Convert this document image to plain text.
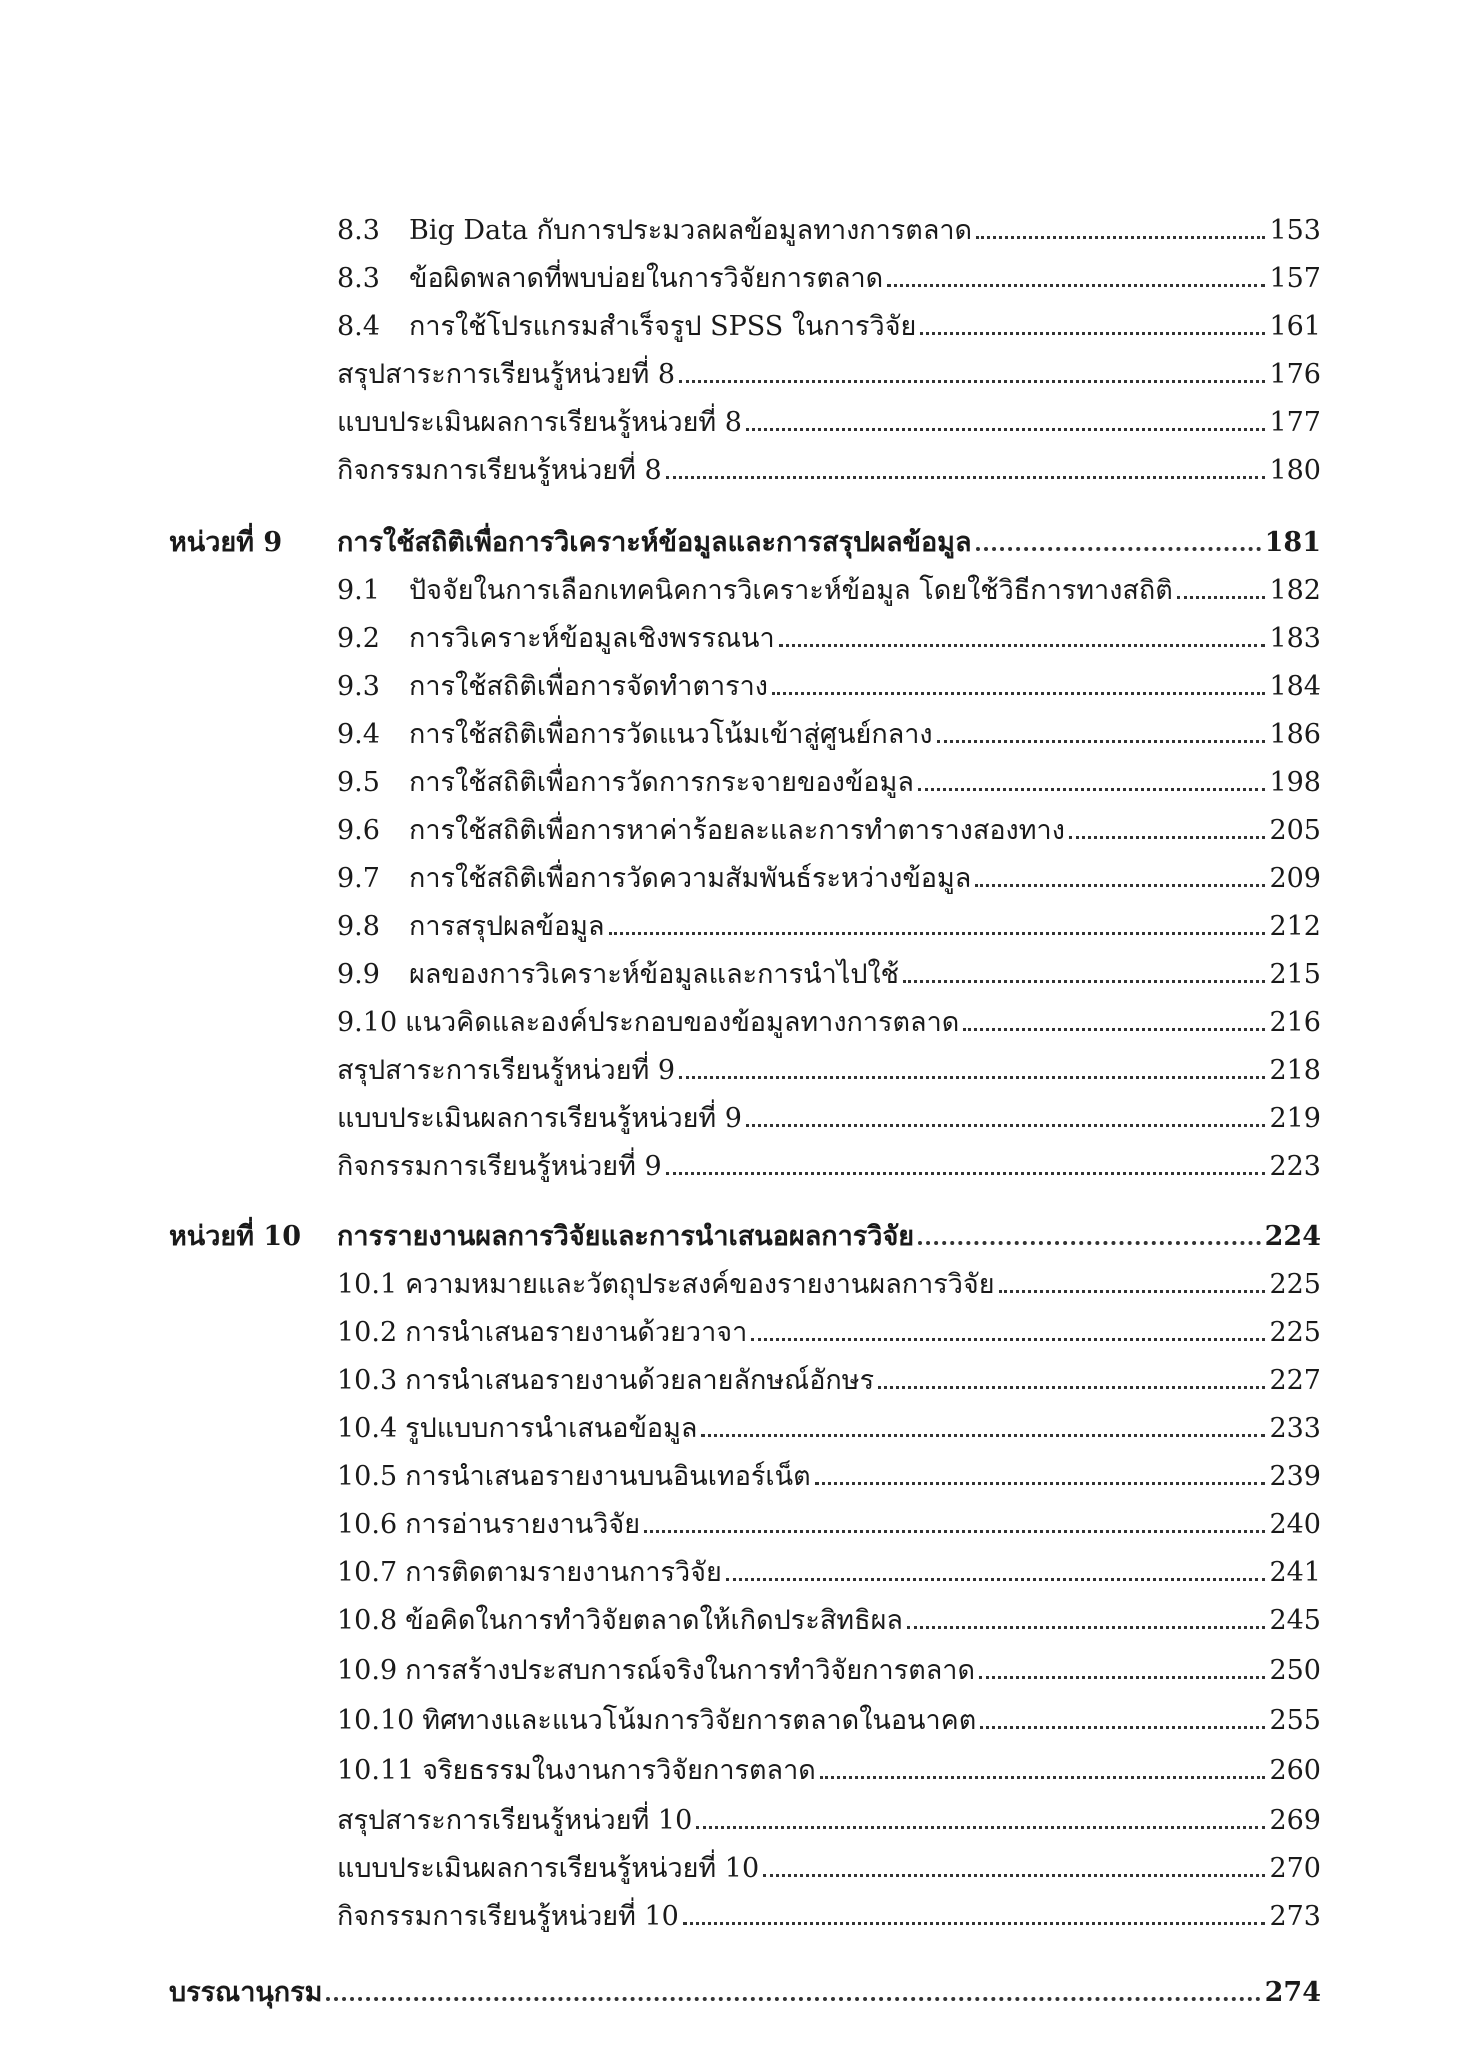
8.3	Big Data กับการประมวลผลข้อมูลทางการตลาด	153
8.3	ข้อผิดพลาดที่พบบ่อยในการวิจัยการตลาด	157
8.4	การใช้โปรแกรมสำเร็จรูป SPSS ในการวิจัย	161
สรุปสาระการเรียนรู้หน่วยที่ 8	176
แบบประเมินผลการเรียนรู้หน่วยที่ 8	177
กิจกรรมการเรียนรู้หน่วยที่ 8	180
หน่วยที่ 9	การใช้สถิติเพื่อการวิเคราะห์ข้อมูลและการสรุปผลข้อมูล	181
9.1	ปัจจัยในการเลือกเทคนิคการวิเคราะห์ข้อมูล โดยใช้วิธีการทางสถิติ	182
9.2	การวิเคราะห์ข้อมูลเชิงพรรณนา	183
9.3	การใช้สถิติเพื่อการจัดทำตาราง	184
9.4	การใช้สถิติเพื่อการวัดแนวโน้มเข้าสู่ศูนย์กลาง	186
9.5	การใช้สถิติเพื่อการวัดการกระจายของข้อมูล	198
9.6	การใช้สถิติเพื่อการหาค่าร้อยละและการทำตารางสองทาง	205
9.7	การใช้สถิติเพื่อการวัดความสัมพันธ์ระหว่างข้อมูล	209
9.8	การสรุปผลข้อมูล	212
9.9	ผลของการวิเคราะห์ข้อมูลและการนำไปใช้	215
9.10 แนวคิดและองค์ประกอบของข้อมูลทางการตลาด	216
สรุปสาระการเรียนรู้หน่วยที่ 9	218
แบบประเมินผลการเรียนรู้หน่วยที่ 9	219
กิจกรรมการเรียนรู้หน่วยที่ 9	223
หน่วยที่ 10	การรายงานผลการวิจัยและการนำเสนอผลการวิจัย	224
10.1 ความหมายและวัตถุประสงค์ของรายงานผลการวิจัย	225
10.2 การนำเสนอรายงานด้วยวาจา	225
10.3 การนำเสนอรายงานด้วยลายลักษณ์อักษร	227
10.4 รูปแบบการนำเสนอข้อมูล	233
10.5 การนำเสนอรายงานบนอินเทอร์เน็ต	239
10.6 การอ่านรายงานวิจัย	240
10.7 การติดตามรายงานการวิจัย	241
10.8 ข้อคิดในการทำวิจัยตลาดให้เกิดประสิทธิผล	245
10.9 การสร้างประสบการณ์จริงในการทำวิจัยการตลาด	250
10.10 ทิศทางและแนวโน้มการวิจัยการตลาดในอนาคต	255
10.11 จริยธรรมในงานการวิจัยการตลาด	260
สรุปสาระการเรียนรู้หน่วยที่ 10	269
แบบประเมินผลการเรียนรู้หน่วยที่ 10	270
กิจกรรมการเรียนรู้หน่วยที่ 10	273
บรรณานุกรม	274
